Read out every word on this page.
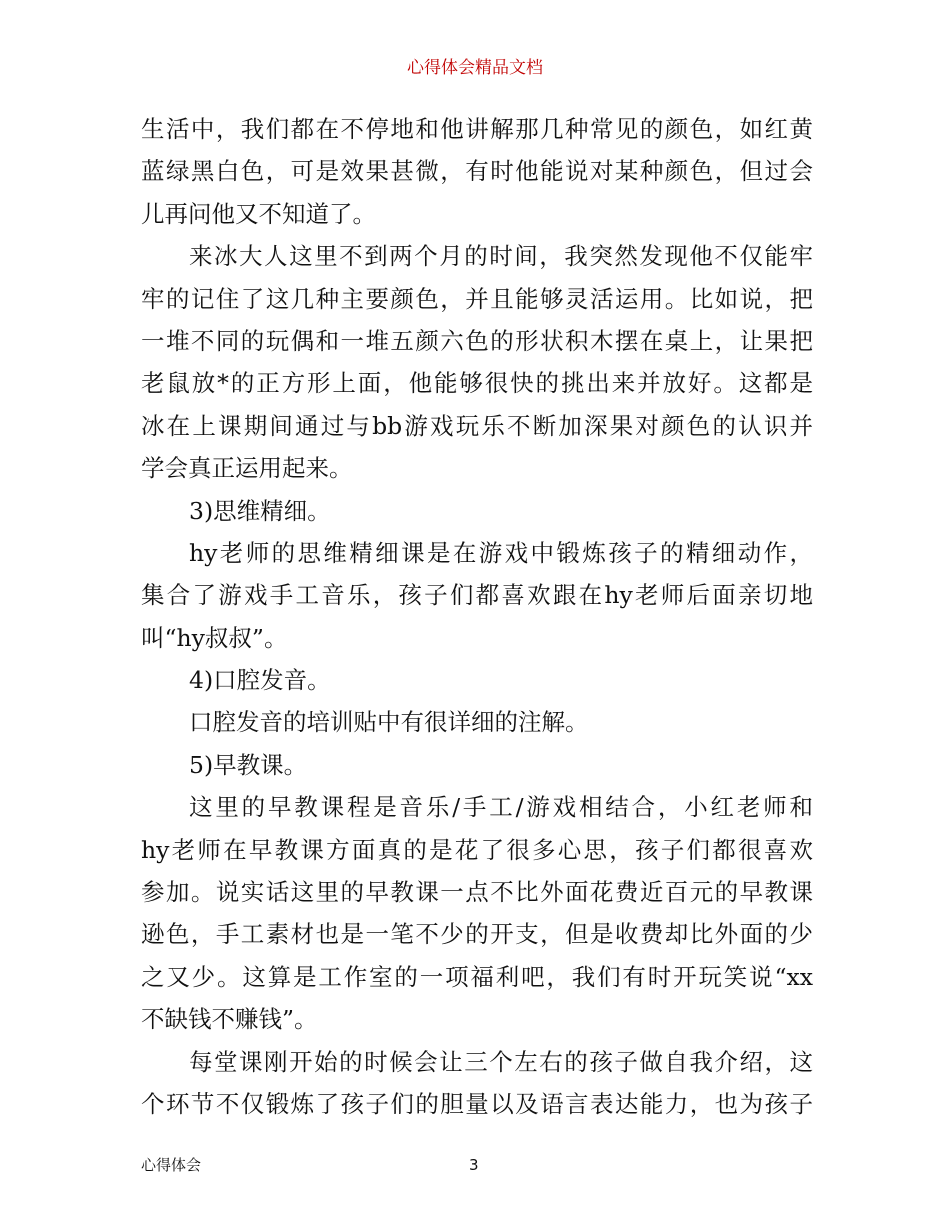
心得体会精品文档
生活中，我们都在不停地和他讲解那几种常见的颜色，如红黄
蓝绿黑白色，可是效果甚微，有时他能说对某种颜色，但过会
儿再问他又不知道了。
来冰大人这里不到两个月的时间，我突然发现他不仅能牢
牢的记住了这几种主要颜色，并且能够灵活运用。比如说，把
一堆不同的玩偶和一堆五颜六色的形状积木摆在桌上，让果把
老鼠放*的正方形上面，他能够很快的挑出来并放好。这都是
冰在上课期间通过与bb游戏玩乐不断加深果对颜色的认识并
学会真正运用起来。
3)思维精细。
hy老师的思维精细课是在游戏中锻炼孩子的精细动作，
集合了游戏手工音乐，孩子们都喜欢跟在hy老师后面亲切地
叫“hy叔叔”。
4)口腔发音。
口腔发音的培训贴中有很详细的注解。
5)早教课。
这里的早教课程是音乐/手工/游戏相结合，小红老师和
hy老师在早教课方面真的是花了很多心思，孩子们都很喜欢
参加。说实话这里的早教课一点不比外面花费近百元的早教课
逊色，手工素材也是一笔不少的开支，但是收费却比外面的少
之又少。这算是工作室的一项福利吧，我们有时开玩笑说“xx
不缺钱不赚钱”。
每堂课刚开始的时候会让三个左右的孩子做自我介绍，这
个环节不仅锻炼了孩子们的胆量以及语言表达能力，也为孩子
心得体会	3
